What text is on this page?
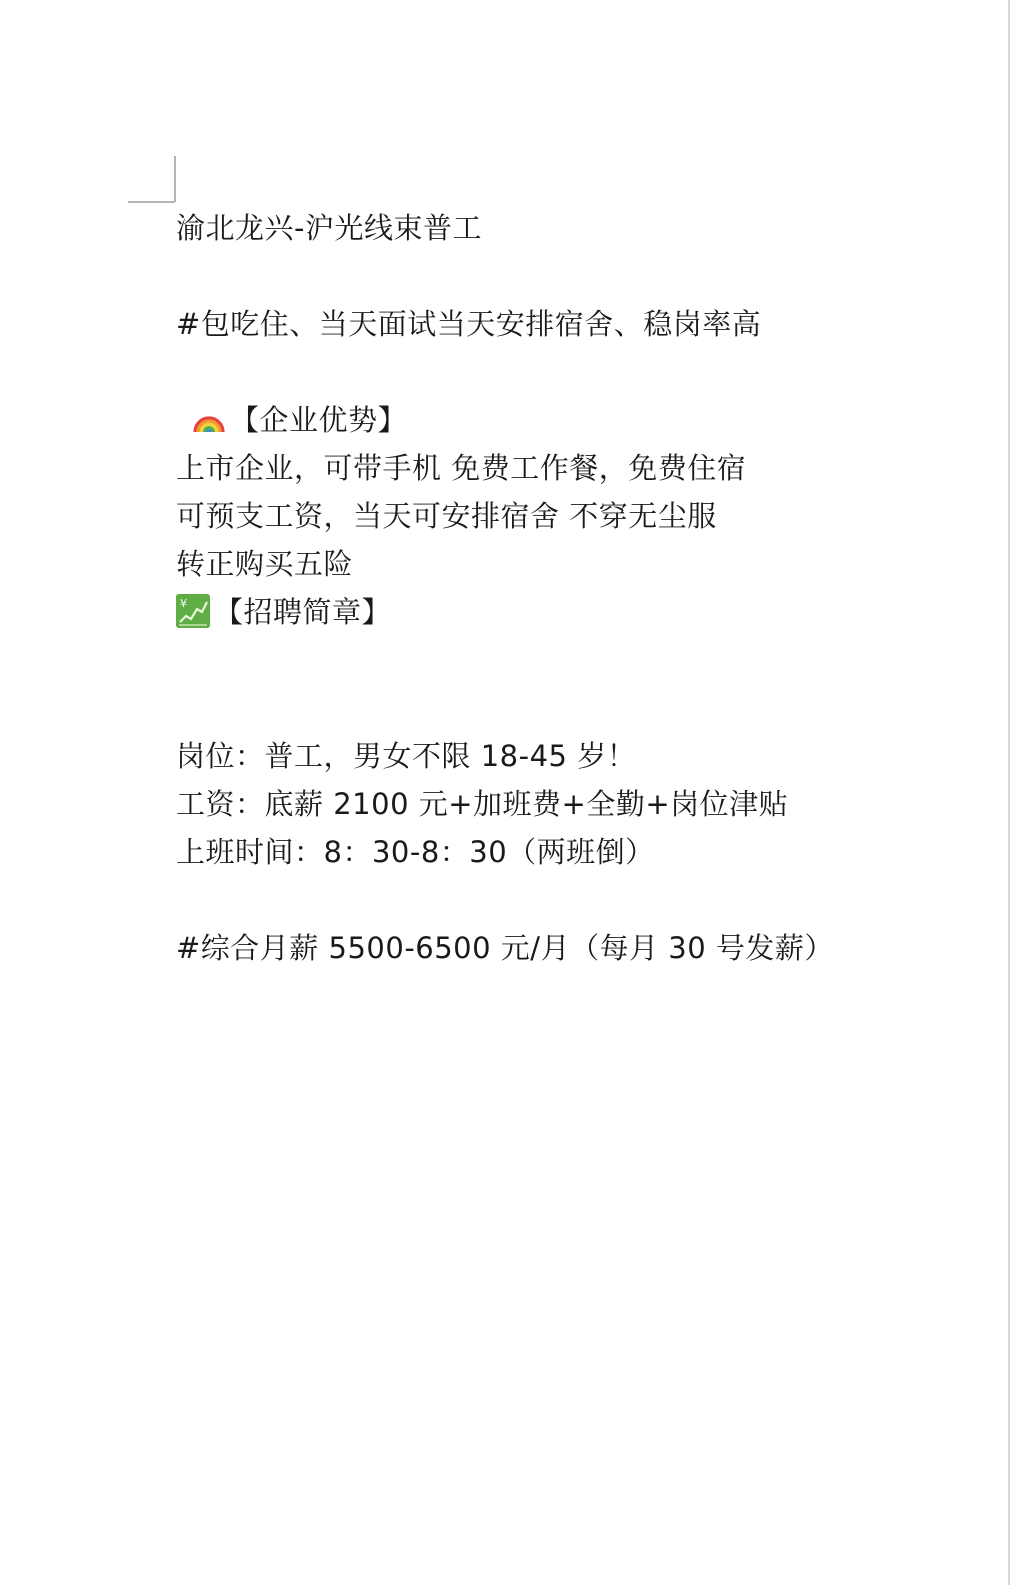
渝北龙兴-沪光线束普工
#包吃住、当天面试当天安排宿舍、稳岗率高
【企业优势】
上市企业，可带手机 免费工作餐，免费住宿
可预支工资，当天可安排宿舍 不穿无尘服
转正购买五险
¥ 【招聘简章】
岗位：普工，男女不限 18-45 岁！
工资：底薪 2100 元+加班费+全勤+岗位津贴
上班时间：8：30-8：30（两班倒）
#综合月薪 5500-6500 元/月（每月 30 号发薪）
